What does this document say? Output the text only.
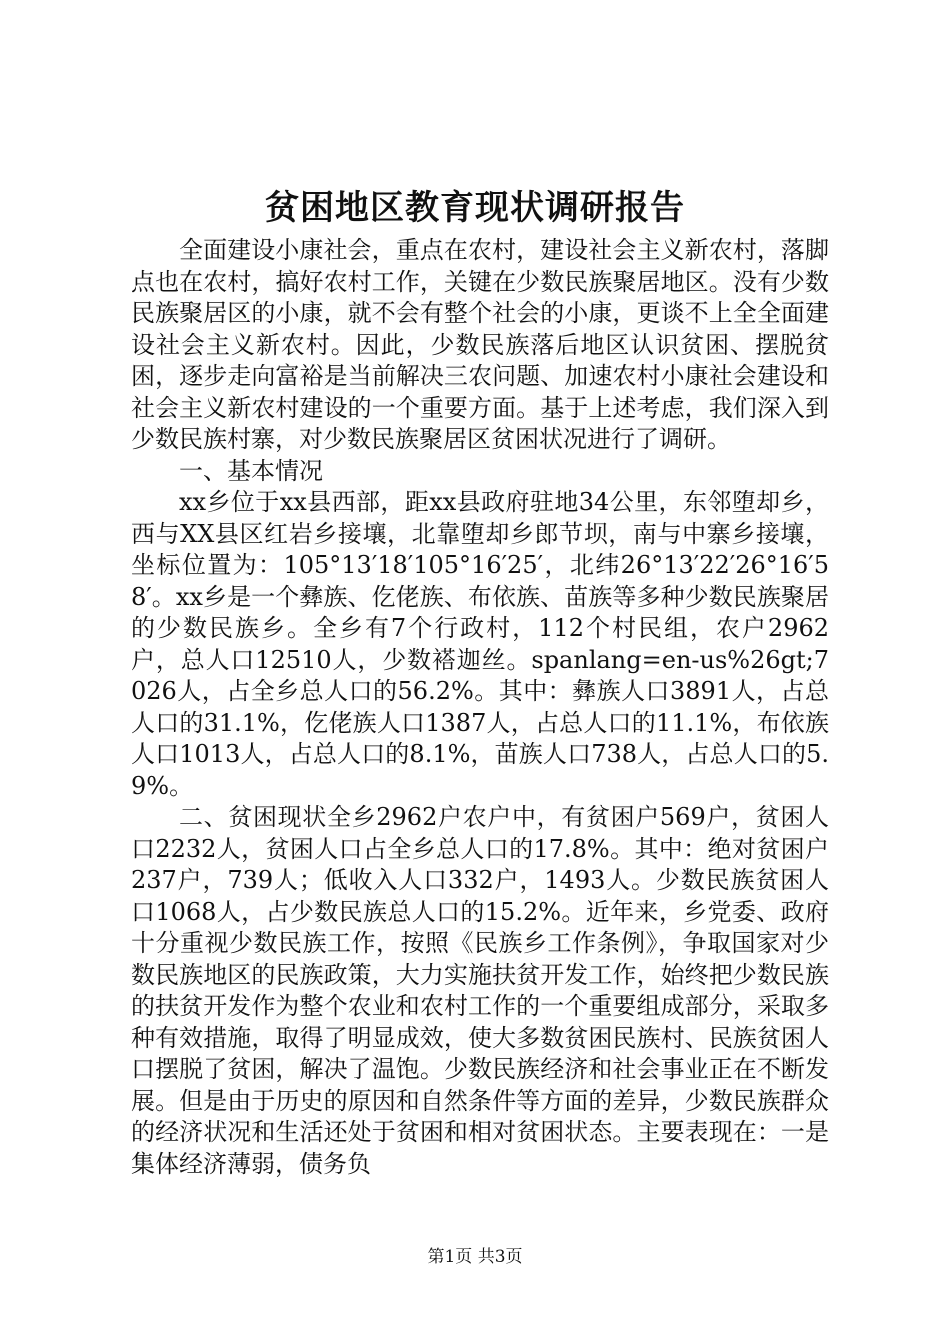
贫困地区教育现状调研报告

全面建设小康社会，重点在农村，建设社会主义新农村，落脚点也在农村，搞好农村工作，关键在少数民族聚居地区。没有少数民族聚居区的小康，就不会有整个社会的小康，更谈不上全全面建设社会主义新农村。因此，少数民族落后地区认识贫困、摆脱贫困，逐步走向富裕是当前解决三农问题、加速农村小康社会建设和社会主义新农村建设的一个重要方面。基于上述考虑，我们深入到少数民族村寨，对少数民族聚居区贫困状况进行了调研。

一、基本情况

xx乡位于xx县西部，距xx县政府驻地34公里，东邻堕却乡，西与XX县区红岩乡接壤，北靠堕却乡郎节坝，南与中寨乡接壤，坐标位置为：105°13′18′105°16′25′，北纬26°13′22′26°16′58′。xx乡是一个彝族、仡佬族、布依族、苗族等多种少数民族聚居的少数民族乡。全乡有7个行政村，112个村民组，农户2962户，总人口12510人，少数褡迦丝。spanlang=en-us%26gt;7026人，占全乡总人口的56.2%。其中：彝族人口3891人，占总人口的31.1%，仡佬族人口1387人，占总人口的11.1%，布依族人口1013人，占总人口的8.1%，苗族人口738人，占总人口的5.9%。

二、贫困现状全乡2962户农户中，有贫困户569户，贫困人口2232人，贫困人口占全乡总人口的17.8%。其中：绝对贫困户237户，739人；低收入人口332户，1493人。少数民族贫困人口1068人，占少数民族总人口的15.2%。近年来，乡党委、政府十分重视少数民族工作，按照《民族乡工作条例》，争取国家对少数民族地区的民族政策，大力实施扶贫开发工作，始终把少数民族的扶贫开发作为整个农业和农村工作的一个重要组成部分，采取多种有效措施，取得了明显成效，使大多数贫困民族村、民族贫困人口摆脱了贫困，解决了温饱。少数民族经济和社会事业正在不断发展。但是由于历史的原因和自然条件等方面的差异，少数民族群众的经济状况和生活还处于贫困和相对贫困状态。主要表现在：一是集体经济薄弱，债务负

第1页 共3页
